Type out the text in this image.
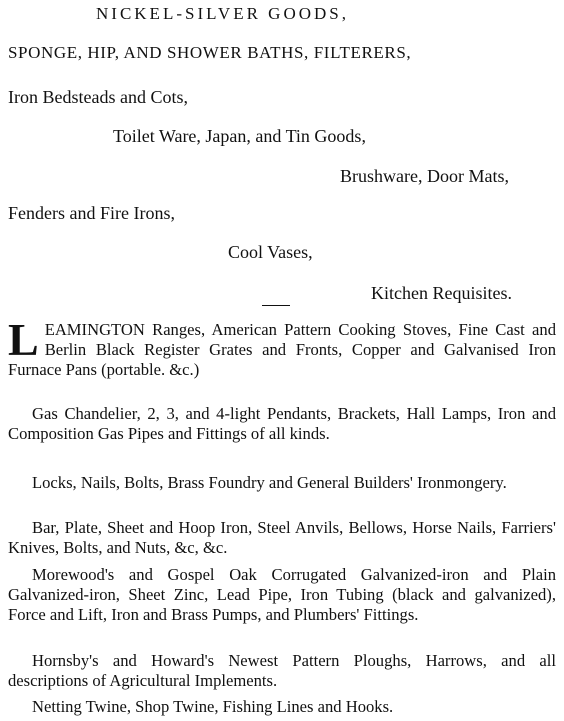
NICKEL-SILVER GOODS,
SPONGE, HIP, AND SHOWER BATHS, FILTERERS,
Iron Bedsteads and Cots,
Toilet Ware, Japan, and Tin Goods,
Brushware, Door Mats,
Fenders and Fire Irons,
Cool Vases,
Kitchen Requisites.
LEAMINGTON Ranges, American Pattern Cooking Stoves, Fine Cast and Berlin Black Register Grates and Fronts, Copper and Galvanised Iron Furnace Pans (portable. &c.)
Gas Chandelier, 2, 3, and 4-light Pendants, Brackets, Hall Lamps, Iron and Composition Gas Pipes and Fittings of all kinds.
Locks, Nails, Bolts, Brass Foundry and General Builders' Ironmongery.
Bar, Plate, Sheet and Hoop Iron, Steel Anvils, Bellows, Horse Nails, Farriers' Knives, Bolts, and Nuts, &c, &c.
Morewood's and Gospel Oak Corrugated Galvanized-iron and Plain Galvanized-iron, Sheet Zinc, Lead Pipe, Iron Tubing (black and galvanized), Force and Lift, Iron and Brass Pumps, and Plumbers' Fittings.
Hornsby's and Howard's Newest Pattern Ploughs, Harrows, and all descriptions of Agricultural Implements.
Netting Twine, Shop Twine, Fishing Lines and Hooks.
